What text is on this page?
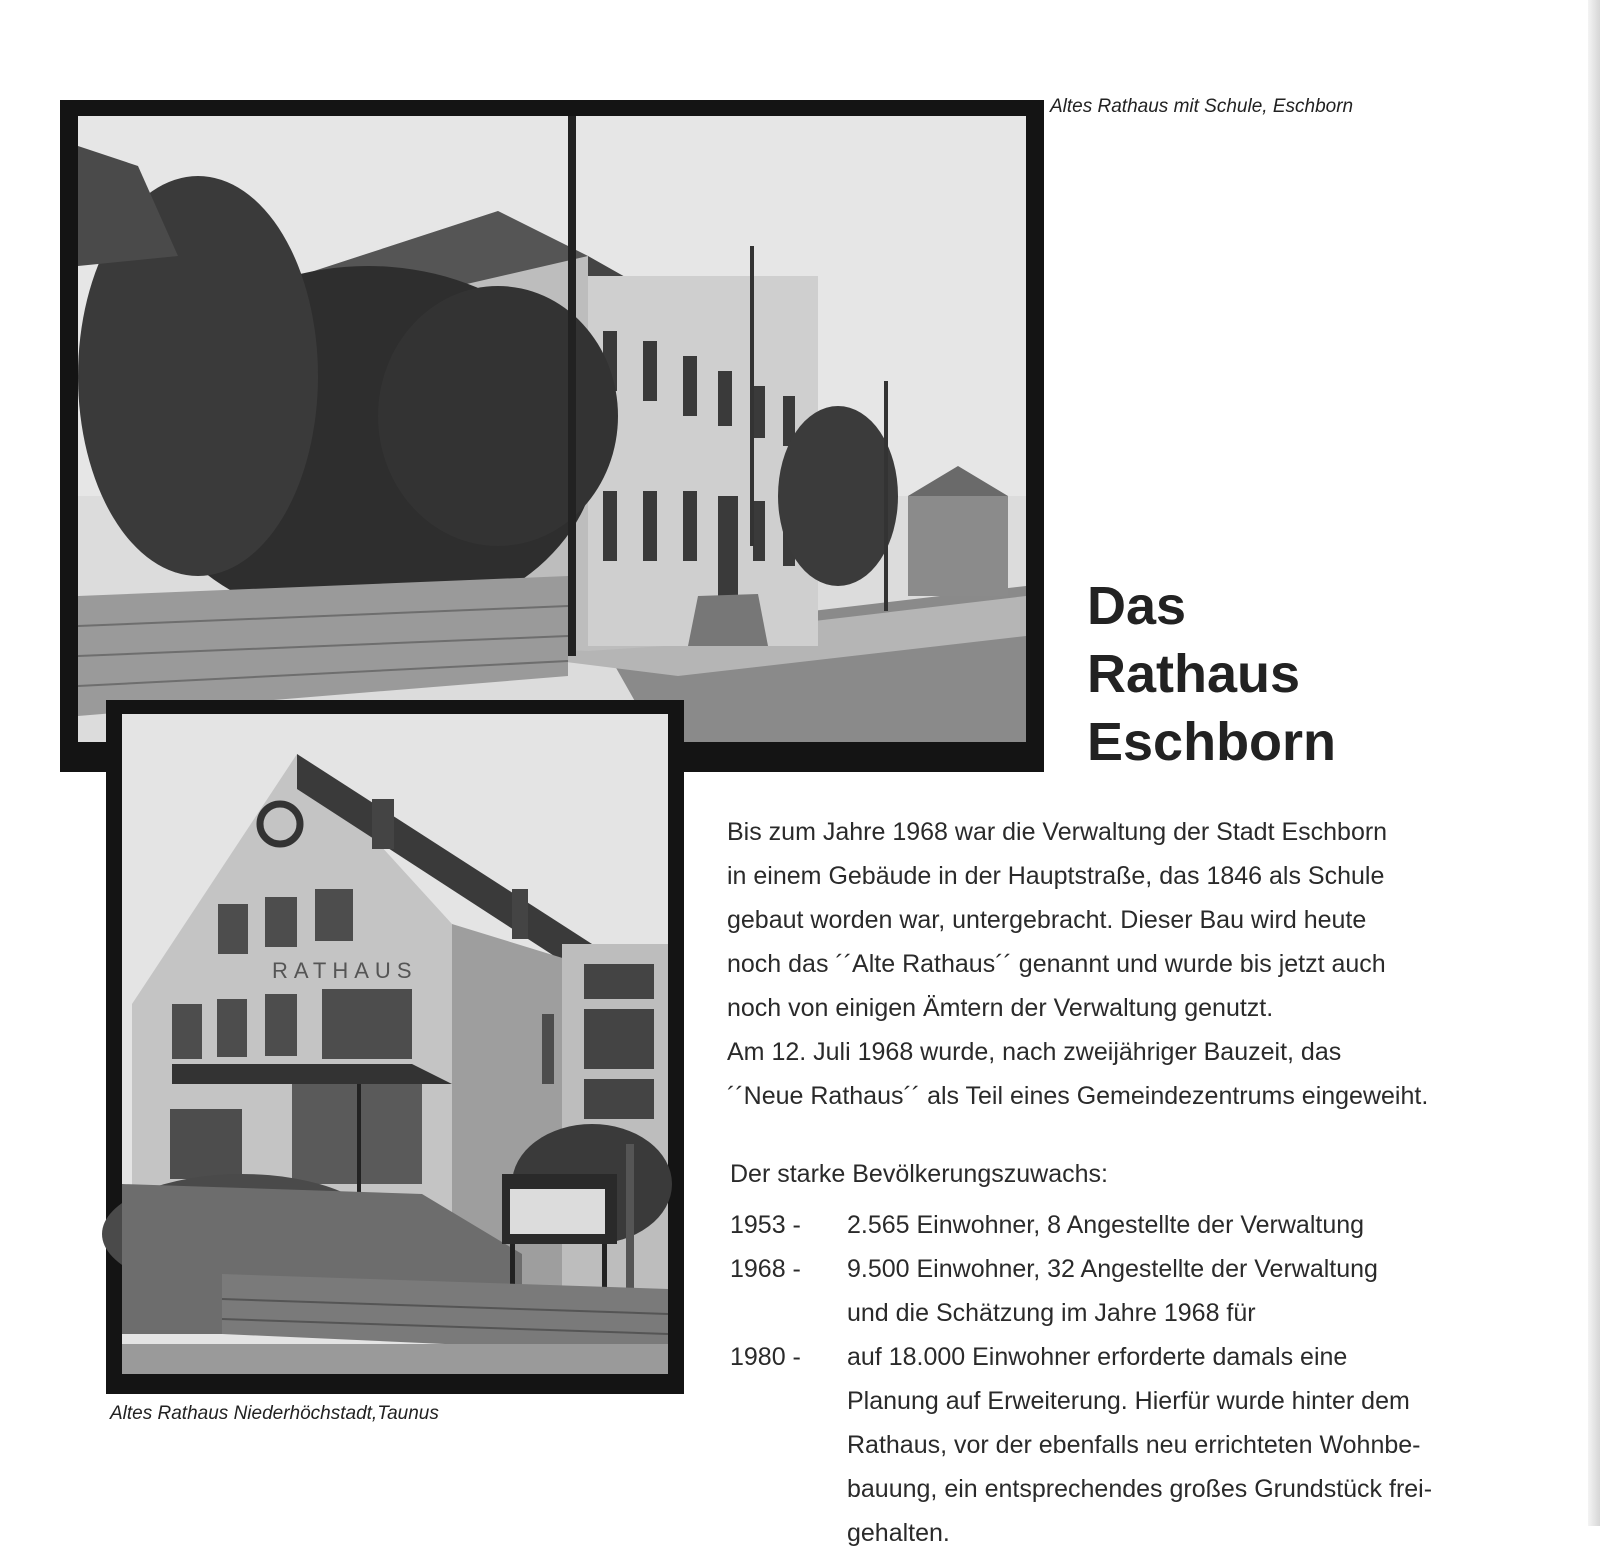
Altes Rathaus mit Schule, Eschborn
RATHAUS
Altes Rathaus Niederhöchstadt,Taunus
Das
Rathaus
Eschborn

Bis zum Jahre 1968 war die Verwaltung der Stadt Eschborn

in einem Gebäude in der Hauptstraße, das 1846 als Schule

gebaut worden war, untergebracht. Dieser Bau wird heute

noch das ´´Alte Rathaus´´ genannt und wurde bis jetzt auch

noch von einigen Ämtern der Verwaltung genutzt.

Am 12. Juli 1968 wurde, nach zweijähriger Bauzeit, das

´´Neue Rathaus´´ als Teil eines Gemeindezentrums eingeweiht.

Der starke Bevölkerungszuwachs:
1953 -	2.565 Einwohner, 8 Angestellte der Verwaltung
1968 -	9.500 Einwohner, 32 Angestellte der Verwaltung
und die Schätzung im Jahre 1968 für
1980 -	auf 18.000 Einwohner erforderte damals eine
Planung auf Erweiterung. Hierfür wurde hinter dem
Rathaus, vor der ebenfalls neu errichteten Wohnbe-
bauung, ein entsprechendes großes Grundstück frei-
gehalten.
